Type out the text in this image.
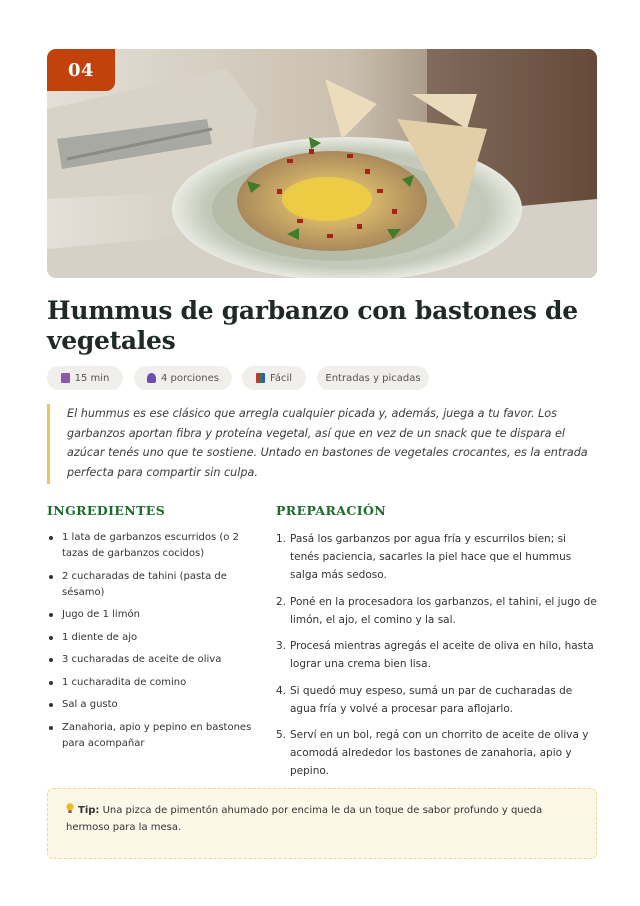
04
Hummus de garbanzo con bastones de vegetales
15 min	4 porciones	Fácil	Entradas y picadas

El hummus es ese clásico que arregla cualquier picada y, además, juega a tu favor. Los garbanzos aportan fibra y proteína vegetal, así que en vez de un snack que te dispara el azúcar tenés uno que te sostiene. Untado en bastones de vegetales crocantes, es la entrada perfecta para compartir sin culpa.

INGREDIENTES	PREPARACIÓN
1 lata de garbanzos escurridos (o 2 tazas de garbanzos cocidos)
2 cucharadas de tahini (pasta de sésamo)
Jugo de 1 limón
1 diente de ajo
3 cucharadas de aceite de oliva
1 cucharadita de comino
Sal a gusto
Zanahoria, apio y pepino en bastones para acompañar
1. Pasá los garbanzos por agua fría y escurrilos bien; si tenés paciencia, sacarles la piel hace que el hummus salga más sedoso.
2. Poné en la procesadora los garbanzos, el tahini, el jugo de limón, el ajo, el comino y la sal.
3. Procesá mientras agregás el aceite de oliva en hilo, hasta lograr una crema bien lisa.
4. Si quedó muy espeso, sumá un par de cucharadas de agua fría y volvé a procesar para aflojarlo.
5. Serví en un bol, regá con un chorrito de aceite de oliva y acomodá alrededor los bastones de zanahoria, apio y pepino.
Tip: Una pizca de pimentón ahumado por encima le da un toque de sabor profundo y queda hermoso para la mesa.
